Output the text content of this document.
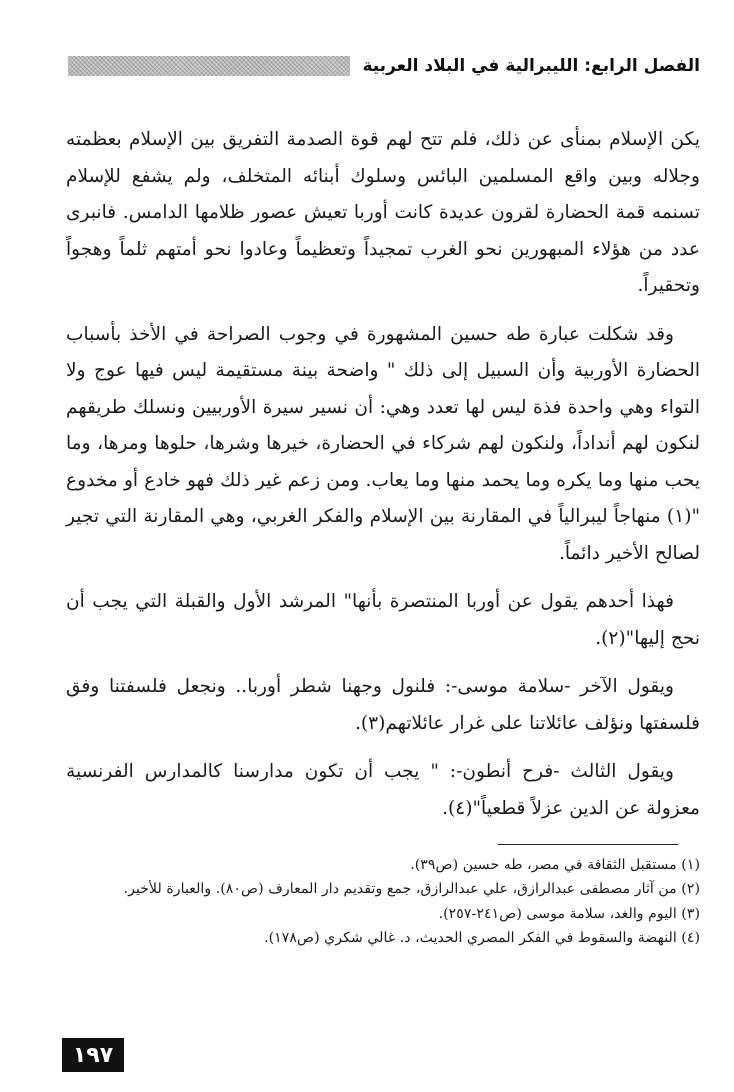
الفصل الرابع: الليبرالية في البلاد العربية

يكن الإسلام بمنأى عن ذلك، فلم تتح لهم قوة الصدمة التفريق بين الإسلام بعظمته وجلاله وبين واقع المسلمين البائس وسلوك أبنائه المتخلف، ولم يشفع للإسلام تسنمه قمة الحضارة لقرون عديدة كانت أوربا تعيش عصور ظلامها الدامس. فانبرى عدد من هؤلاء المبهورين نحو الغرب تمجيداً وتعظيماً وعادوا نحو أمتهم ثلماً وهجواً وتحقيراً.

وقد شكلت عبارة طه حسين المشهورة في وجوب الصراحة في الأخذ بأسباب الحضارة الأوربية وأن السبيل إلى ذلك " واضحة بينة مستقيمة ليس فيها عوج ولا التواء وهي واحدة فذة ليس لها تعدد وهي: أن نسير سيرة الأوربيين ونسلك طريقهم لنكون لهم أنداداً، ولنكون لهم شركاء في الحضارة، خيرها وشرها، حلوها ومرها، وما يحب منها وما يكره وما يحمد منها وما يعاب. ومن زعم غير ذلك فهو خادع أو مخدوع "(١) منهاجاً ليبرالياً في المقارنة بين الإسلام والفكر الغربي، وهي المقارنة التي تجير لصالح الأخير دائماً.

فهذا أحدهم يقول عن أوربا المنتصرة بأنها" المرشد الأول والقبلة التي يجب أن نحج إليها"(٢).

ويقول الآخر -سلامة موسى-: فلنول وجهنا شطر أوربا.. ونجعل فلسفتنا وفق فلسفتها ونؤلف عائلاتنا على غرار عائلاتهم(٣).

ويقول الثالث -فرح أنطون-: " يجب أن تكون مدارسنا كالمدارس الفرنسية معزولة عن الدين عزلاً قطعياً"(٤).

(١) مستقبل الثقافة في مصر، طه حسين (ص٣٩).

(٢) من آثار مصطفى عبدالرازق، علي عبدالرازق، جمع وتقديم دار المعارف (ص٨٠). والعبارة للأخير.

(٣) اليوم والغد، سلامة موسى (ص٢٤١-٢٥٧).

(٤) النهضة والسقوط في الفكر المصري الحديث، د. غالي شكري (ص١٧٨).

١٩٧
